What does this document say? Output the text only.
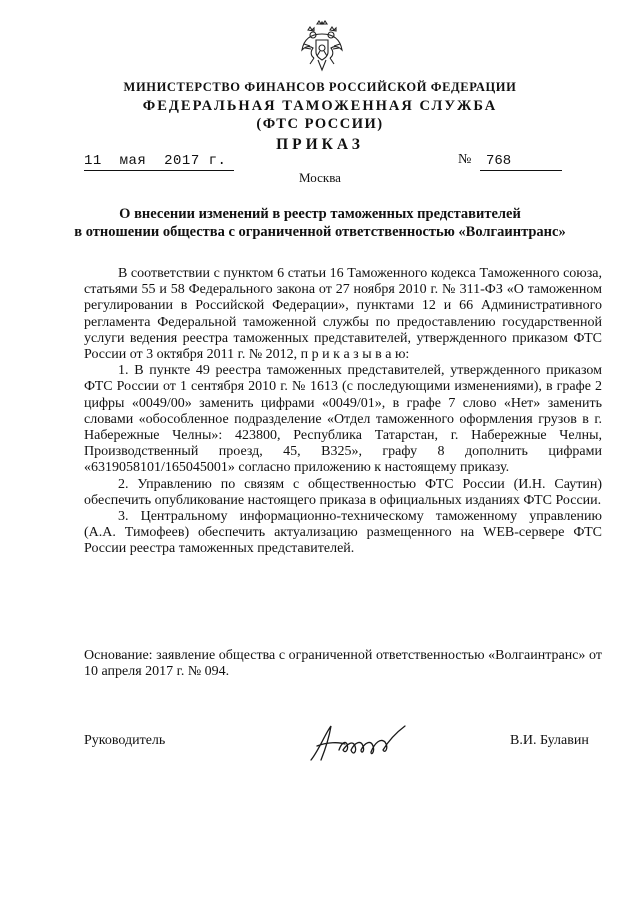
МИНИСТЕРСТВО ФИНАНСОВ РОССИЙСКОЙ ФЕДЕРАЦИИ
ФЕДЕРАЛЬНАЯ ТАМОЖЕННАЯ СЛУЖБА
(ФТС РОССИИ)
ПРИКАЗ
11  мая  2017 г.	№	768
Москва
О внесении изменений в реестр таможенных представителей
в отношении общества с ограниченной ответственностью «Волгаинтранс»

В соответствии с пунктом 6 статьи 16 Таможенного кодекса Таможенного союза, статьями 55 и 58 Федерального закона от 27 ноября 2010 г. № 311-ФЗ «О таможенном регулировании в Российской Федерации», пунктами 12 и 66 Административного регламента Федеральной таможенной службы по предоставлению государственной услуги ведения реестра таможенных представителей, утвержденного приказом ФТС России от 3 октября 2011 г. № 2012, п р и к а з ы в а ю:

1. В пункте 49 реестра таможенных представителей, утвержденного приказом ФТС России от 1 сентября 2010 г. № 1613 (с последующими изменениями), в графе 2 цифры «0049/00» заменить цифрами «0049/01», в графе 7 слово «Нет» заменить словами «обособленное подразделение «Отдел таможенного оформления грузов в г. Набережные Челны»: 423800, Республика Татарстан, г. Набережные Челны, Производственный проезд, 45, В325», графу 8 дополнить цифрами «6319058101/165045001» согласно приложению к настоящему приказу.

2. Управлению по связям с общественностью ФТС России (И.Н. Саутин) обеспечить опубликование настоящего приказа в официальных изданиях ФТС России.

3. Центральному информационно-техническому таможенному управлению (А.А. Тимофеев) обеспечить актуализацию размещенного на WEB-сервере ФТС России реестра таможенных представителей.

Основание: заявление общества с ограниченной ответственностью «Волгаинтранс» от 10 апреля 2017 г. № 094.

Руководитель	В.И. Булавин
